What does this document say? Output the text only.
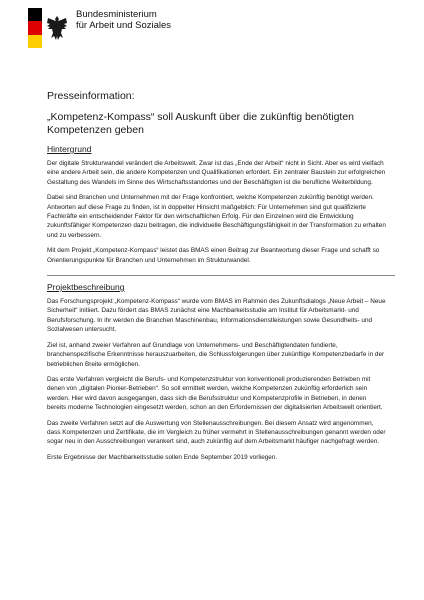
Bundesministerium
für Arbeit und Soziales
Presseinformation:
„Kompetenz-Kompass“ soll Auskunft über die zukünftig benötigten Kompetenzen geben
Hintergrund

Der digitale Strukturwandel verändert die Arbeitswelt. Zwar ist das „Ende der Arbeit“ nicht in Sicht. Aber es wird vielfach eine andere Arbeit sein, die andere Kompetenzen und Qualifikationen erfordert. Ein zentraler Baustein zur erfolgreichen Gestaltung des Wandels im Sinne des Wirtschaftsstandortes und der Beschäftigten ist die berufliche Weiterbildung.

Dabei sind Branchen und Unternehmen mit der Frage konfrontiert, welche Kompetenzen zukünftig benötigt werden. Antworten auf diese Frage zu finden, ist in doppelter Hinsicht maßgeblich: Für Unternehmen sind gut qualifizierte Fachkräfte ein entscheidender Faktor für den wirtschaftlichen Erfolg. Für den Einzelnen wird die Entwicklung zukunftsfähiger Kompetenzen dazu beitragen, die individuelle Beschäftigungsfähigkeit in der Transformation zu erhalten und zu verbessern.

Mit dem Projekt „Kompetenz-Kompass“ leistet das BMAS einen Beitrag zur Beantwortung dieser Frage und schafft so Orientierungspunkte für Branchen und Unternehmen im Strukturwandel.

Projektbeschreibung

Das Forschungsprojekt „Kompetenz-Kompass“ wurde vom BMAS im Rahmen des Zukunftsdialogs „Neue Arbeit – Neue Sicherheit“ initiiert. Dazu fördert das BMAS zunächst eine Machbarkeitsstudie am Institut für Arbeitsmarkt- und Berufsforschung. In ihr werden die Branchen Maschinenbau, Informationsdienstleistungen sowie Gesundheits- und Sozialwesen untersucht.

Ziel ist, anhand zweier Verfahren auf Grundlage von Unternehmens- und Beschäftigtendaten fundierte, branchenspezifische Erkenntnisse herauszuarbeiten, die Schlussfolgerungen über zukünftige Kompetenzbedarfe in der betrieblichen Breite ermöglichen.

Das erste Verfahren vergleicht die Berufs- und Kompetenzstruktur von konventionell produzierenden Betrieben mit denen von „digitalen Pionier-Betrieben“. So soll ermittelt werden, welche Kompetenzen zukünftig erforderlich sein werden. Hier wird davon ausgegangen, dass sich die Berufsstruktur und Kompetenzprofile in Betrieben, in denen bereits moderne Technologien eingesetzt werden, schon an den Erfordernissen der digitalisierten Arbeitswelt orientiert.

Das zweite Verfahren setzt auf die Auswertung von Stellenausschreibungen. Bei diesem Ansatz wird angenommen, dass Kompetenzen und Zertifikate, die im Vergleich zu früher vermehrt in Stellenausschreibungen genannt werden oder sogar neu in den Ausschreibungen verankert sind, auch zukünftig auf dem Arbeitsmarkt häufiger nachgefragt werden.

Erste Ergebnisse der Machbarkeitsstudie sollen Ende September 2019 vorliegen.
